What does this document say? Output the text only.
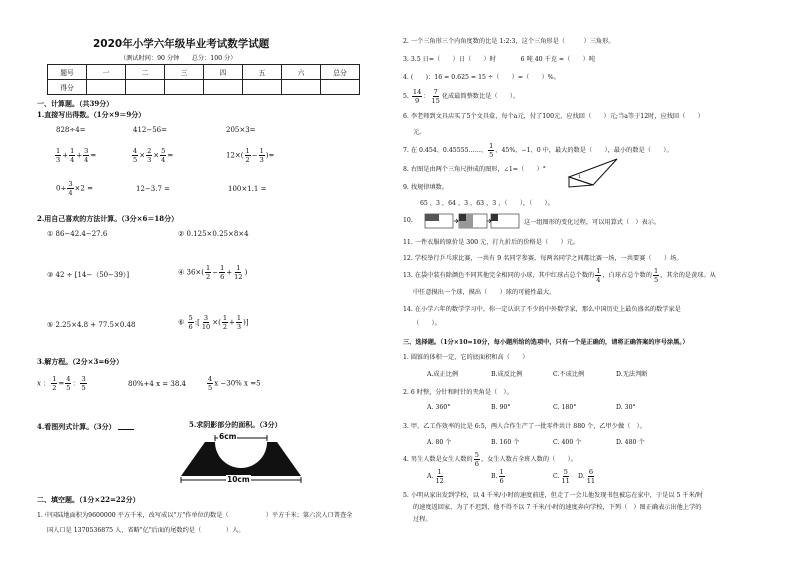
2020年小学六年级毕业考试数学试题
（测试时间：90 分钟　　总分：100 分）
题号	一	二	三	四	五	六	总分
得分							
一、计算题。（共39分）
1.直接写出得数。（1分×9＝9分）
828÷4=	412−56=	205×3=
$\frac{1}{3} + \frac{1}{4} + \frac{3}{4}$ =	$\frac{4}{5} \times \frac{2}{3} \times \frac{5}{4}$ =	$12\times( \frac{1}{2} - \frac{1}{3}$ )=
$0\div \frac{3}{4} \times 2$ =	12−3.7 =	100×1.1 =
2.用自己喜欢的方法计算。（3分×6＝18分）
① 86−42.4−27.6	② 0.125×0.25×8×4
③ 42 ÷ [14−（50−39）]	④ $36\times( \frac{1}{2} - \frac{1}{6} + \frac{1}{12}$ )
⑤ 2.25×4.8 + 77.5×0.48	⑥ $\frac{5}{6}$ :[ $\frac{3}{10}$ ×( $\frac{1}{2} + \frac{1}{3}$ )]
3.解方程。（2分×3=6分）
x ： $\frac{1}{2} = \frac{4}{5}$ ： $\frac{3}{5}$	80%+4 x = 38.4	$\frac{4}{5}$ x −30% x =5
4.看图列式计算。（3分）	5.求阴影部分的面积。（3分）
6cm
10cm
二、填空题。（1分×22=22分）
1. 中国陆地面积为9600000 平方千米，改写成以"万"作单位的数是（　　　　　　）平方千米；第六次人口普查全
国人口是 1370536875 人，省略"亿"后面的尾数约是（　　　　）人。
2. 一个三角形三个内角度数的比是 1:2:3，这个三角形是（　　　）三角形。
3. 3.5 日=（　　）日（　　）时　　　　6 吨 40 千克 =（　　）吨
4. (　　)：16 = 0.625 = 15 ÷（　　）=（　　）%。
5. $\frac{14}{9}$ ： $\frac{7}{15}$ 化成最简整数比是（　　）。
6. 李老师到文具店买了5个文具盒，每个a元，付了100元，应找回（　　）元;当a等于12时，应找回（　　）
元。
7. 在 0.454、0.45555……、 $\frac{1}{5}$ 、45%、−1、0 中，最大的数是（　　），最小的数是（　　）。
8. 右图是由两个三角尺拼成的图形，∠1=（　　）°
1
9. 找规律填数。
65 ，3 ，64 ，3 ，63 ，3 ，（　　），（　　）。
10.	这一组图形的变化过程，可以用算式（　）表示。
11. 一件衣服的原价是 300 元，打九折后的价格是（　　）元。
12. 学校举行乒乓球比赛，一共有 9 名同学参赛，每两名同学之间都比赛一场，一共要赛（　　）场。
13. 在袋中装有除颜色不同其他完全相同的小球，其中红球占总个数的 $\frac{1}{4}$ ，白球占总个数的 $\frac{1}{5}$ ，其余的是黄球。从
中任意摸出一个球，摸出（　　）球的可能性最大。
14. 在小学六年的数学学习中，你一定认识了不少的中外数学家，那么中国历史上最负盛名的数学家是
（　　）。
三、选择题。（1分×10=10分，每小题所给的选项中，只有一个是正确的，请将正确答案的序号涂黑。）
1. 圆锥的体积一定，它的底面积和高（　　）
A.成正比例	B.成反比例	C.不成比例	D.无法判断
2. 6 时整，分针和时针的夹角是（　）。
A. 360°	B. 90°	C. 180°	D. 30°
3. 甲、乙工作效率的比是 6:5，两人合作生产了一批零件共计 880 个，乙甲少做（　）。
A. 80 个	B. 160 个	C. 400 个	D. 480 个
4. 男生人数是女生人数的 $\frac{5}{6}$ ，女生人数占全班人数的（　　）。
A. $\frac{1}{12}$	B. $\frac{1}{6}$	C. $\frac{5}{11} D$. $\frac{6}{11}$
5. 小明从家出发到学校，以 4 千米/小时的速度前进，但走了一会儿他发现书包被忘在家中，于是以 5 千米/时
的速度返回家，为了不迟到，他不得不以 7 千米/小时的速度奔向学校，下列（　）图正确表示出他上学的
过程。
